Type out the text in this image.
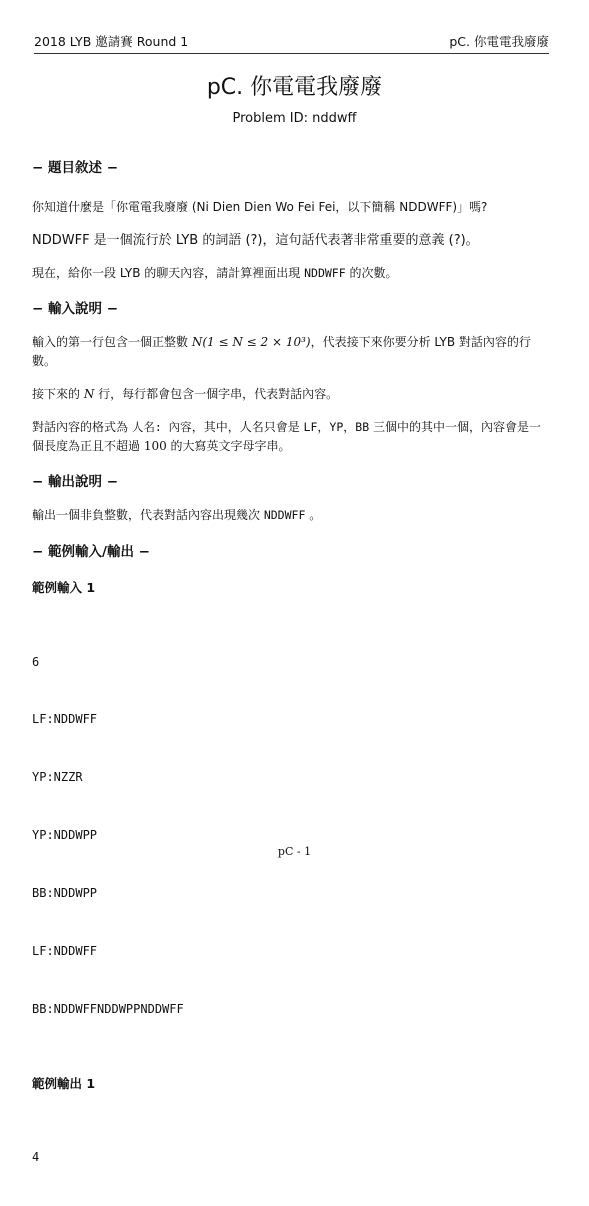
2018 LYB 邀請賽 Round 1	pC. 你電電我廢廢
pC. 你電電我廢廢
Problem ID: nddwff

− 題目敘述 −

你知道什麼是「你電電我廢廢 (Ni Dien Dien Wo Fei Fei，以下簡稱 NDDWFF)」嗎?

NDDWFF 是一個流行於 LYB 的詞語 (?)，這句話代表著非常重要的意義 (?)。

現在，給你一段 LYB 的聊天內容，請計算裡面出現 NDDWFF 的次數。

− 輸入說明 −

輸入的第一行包含一個正整數 N(1 ≤ N ≤ 2 × 10³)，代表接下來你要分析 LYB 對話內容的行數。

接下來的 N 行，每行都會包含一個字串，代表對話內容。

對話內容的格式為 人名: 內容，其中，人名只會是 LF，YP，BB 三個中的其中一個，內容會是一個長度為正且不超過 100 的大寫英文字母字串。

− 輸出說明 −

輸出一個非負整數，代表對話內容出現幾次 NDDWFF 。

− 範例輸入/輸出 −

範例輸入 1

6

LF:NDDWFF

YP:NZZR

YP:NDDWPP

BB:NDDWPP

LF:NDDWFF

BB:NDDWFFNDDWPPNDDWFF

範例輸出 1

4

pC - 1
